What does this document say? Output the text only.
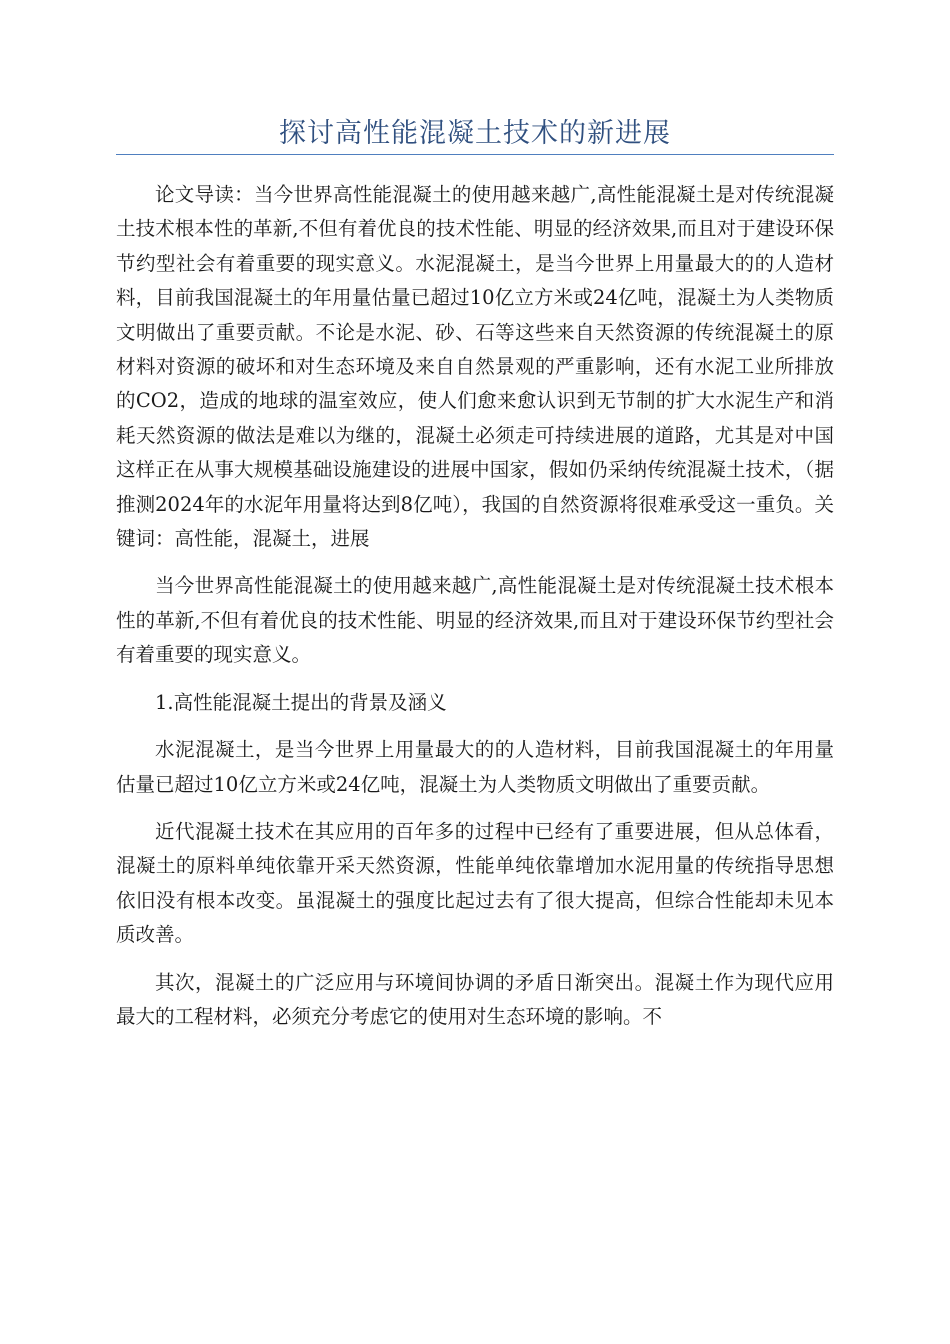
探讨高性能混凝土技术的新进展

论文导读：当今世界高性能混凝土的使用越来越广,高性能混凝土是对传统混凝土技术根本性的革新,不但有着优良的技术性能、明显的经济效果,而且对于建设环保节约型社会有着重要的现实意义。水泥混凝土，是当今世界上用量最大的的人造材料，目前我国混凝土的年用量估量已超过10亿立方米或24亿吨，混凝土为人类物质文明做出了重要贡献。不论是水泥、砂、石等这些来自天然资源的传统混凝土的原材料对资源的破坏和对生态环境及来自自然景观的严重影响，还有水泥工业所排放的CO2，造成的地球的温室效应，使人们愈来愈认识到无节制的扩大水泥生产和消耗天然资源的做法是难以为继的，混凝土必须走可持续进展的道路，尤其是对中国这样正在从事大规模基础设施建设的进展中国家，假如仍采纳传统混凝土技术，（据推测2024年的水泥年用量将达到8亿吨），我国的自然资源将很难承受这一重负。关键词：高性能，混凝土，进展

当今世界高性能混凝土的使用越来越广,高性能混凝土是对传统混凝土技术根本性的革新,不但有着优良的技术性能、明显的经济效果,而且对于建设环保节约型社会有着重要的现实意义。

1.高性能混凝土提出的背景及涵义

水泥混凝土，是当今世界上用量最大的的人造材料，目前我国混凝土的年用量估量已超过10亿立方米或24亿吨，混凝土为人类物质文明做出了重要贡献。

近代混凝土技术在其应用的百年多的过程中已经有了重要进展，但从总体看，混凝土的原料单纯依靠开采天然资源，性能单纯依靠增加水泥用量的传统指导思想依旧没有根本改变。虽混凝土的强度比起过去有了很大提高，但综合性能却未见本质改善。

其次，混凝土的广泛应用与环境间协调的矛盾日渐突出。混凝土作为现代应用最大的工程材料，必须充分考虑它的使用对生态环境的影响。不
